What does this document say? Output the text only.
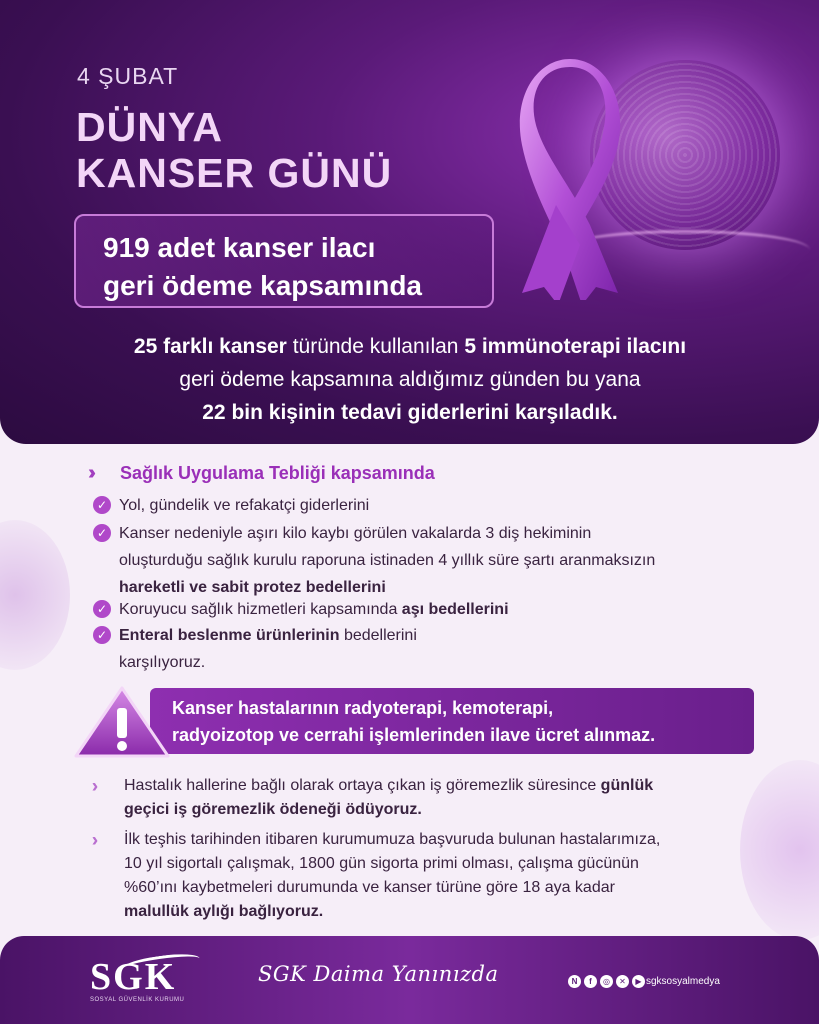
4 ŞUBAT
DÜNYA
KANSER GÜNÜ
919 adet kanser ilacı
geri ödeme kapsamında
25 farklı kanser türünde kullanılan 5 immünoterapi ilacını
geri ödeme kapsamına aldığımız günden bu yana
22 bin kişinin tedavi giderlerini karşıladık.
›››	Sağlık Uygulama Tebliği kapsamında
✓ Yol, gündelik ve refakatçi giderlerini
✓ Kanser nedeniyle aşırı kilo kaybı görülen vakalarda 3 diş hekiminin
oluşturduğu sağlık kurulu raporuna istinaden 4 yıllık süre şartı aranmaksızın
hareketli ve sabit protez bedellerini
✓ Koruyucu sağlık hizmetleri kapsamında aşı bedellerini
✓ Enteral beslenme ürünlerinin bedellerini
karşılıyoruz.
Kanser hastalarının radyoterapi, kemoterapi,
radyoizotop ve cerrahi işlemlerinden ilave ücret alınmaz.
Hastalık hallerine bağlı olarak ortaya çıkan iş göremezlik süresince günlük
geçici iş göremezlik ödeneği ödüyoruz.
İlk teşhis tarihinden itibaren kurumumuza başvuruda bulunan hastalarımıza,
10 yıl sigortalı çalışmak, 1800 gün sigorta primi olması, çalışma gücünün
%60’ını kaybetmeleri durumunda ve kanser türüne göre 18 aya kadar
malullük aylığı bağlıyoruz.
SGK
SOSYAL GÜVENLİK KURUMU
SGK Daima Yanınızda	N	f	◎	✕	▶ sgksosyalmedya
